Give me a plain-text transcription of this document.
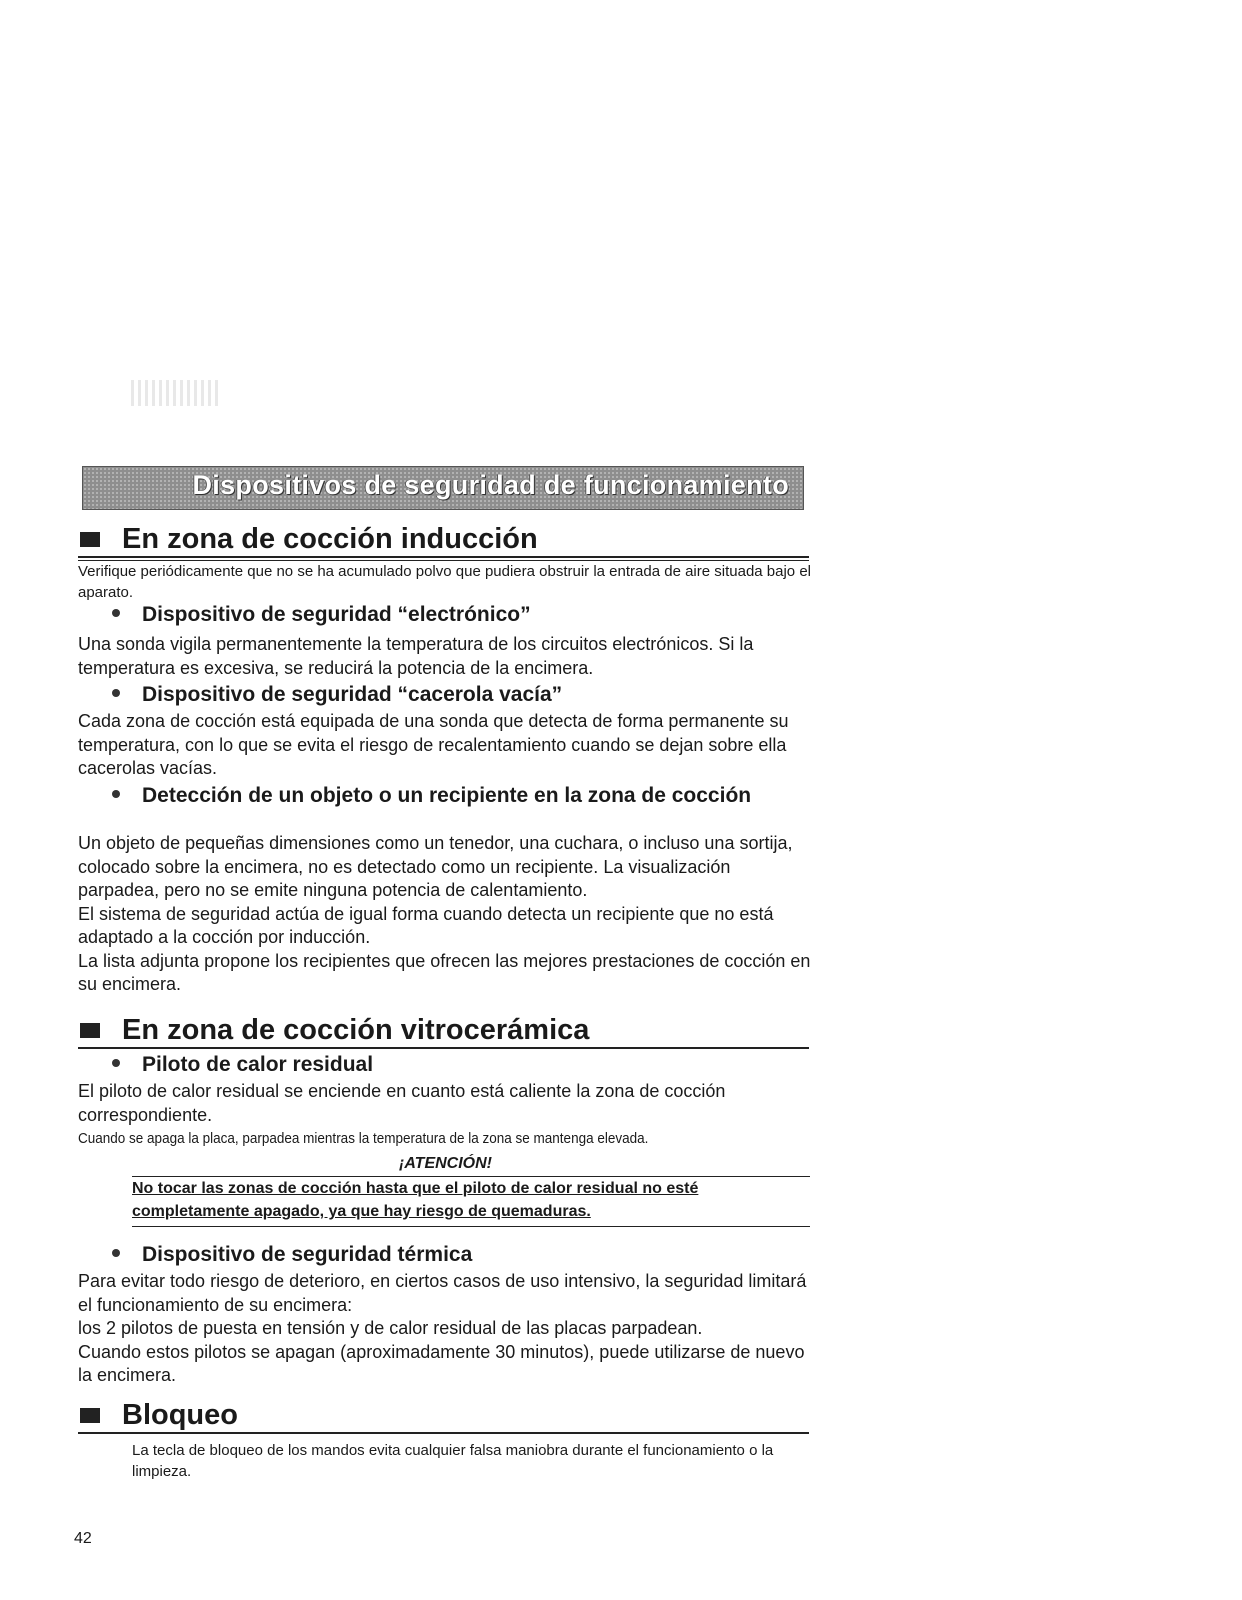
Dispositivos de seguridad de funcionamiento
En zona de cocción inducción
Verifique periódicamente que no se ha acumulado polvo que pudiera obstruir la entrada de aire situada bajo el aparato.
Dispositivo de seguridad “electrónico”
Una sonda vigila permanentemente la temperatura de los circuitos electrónicos. Si la temperatura es excesiva, se reducirá la potencia de la encimera.
Dispositivo de seguridad “cacerola vacía”
Cada zona de cocción está equipada de una sonda que detecta de forma permanente su temperatura, con lo que se evita el riesgo de recalentamiento cuando se dejan sobre ella cacerolas vacías.
Detección de un objeto o un recipiente en la zona de cocción

Un objeto de pequeñas dimensiones como un tenedor, una cuchara, o incluso una sortija, colocado sobre la encimera, no es detectado como un recipiente. La visualización parpadea, pero no se emite ninguna potencia de calentamiento.

El sistema de seguridad actúa de igual forma cuando detecta un recipiente que no está adaptado a la cocción por inducción.

La lista adjunta propone los recipientes que ofrecen las mejores prestaciones de cocción en su encimera.

En zona de cocción vitrocerámica
Piloto de calor residual
El piloto de calor residual se enciende en cuanto está caliente la zona de cocción correspondiente.
Cuando se apaga la placa, parpadea mientras la temperatura de la zona se mantenga elevada.
¡ATENCIÓN!
No tocar las zonas de cocción hasta que el piloto de calor residual no esté completamente apagado, ya que hay riesgo de quemaduras.
Dispositivo de seguridad térmica

Para evitar todo riesgo de deterioro, en ciertos casos de uso intensivo, la seguridad limitará el funcionamiento de su encimera:

los 2 pilotos de puesta en tensión y de calor residual de las placas parpadean.

Cuando estos pilotos se apagan (aproximadamente 30 minutos), puede utilizarse de nuevo la encimera.

Bloqueo
La tecla de bloqueo de los mandos evita cualquier falsa maniobra durante el funcionamiento o la limpieza.
42
